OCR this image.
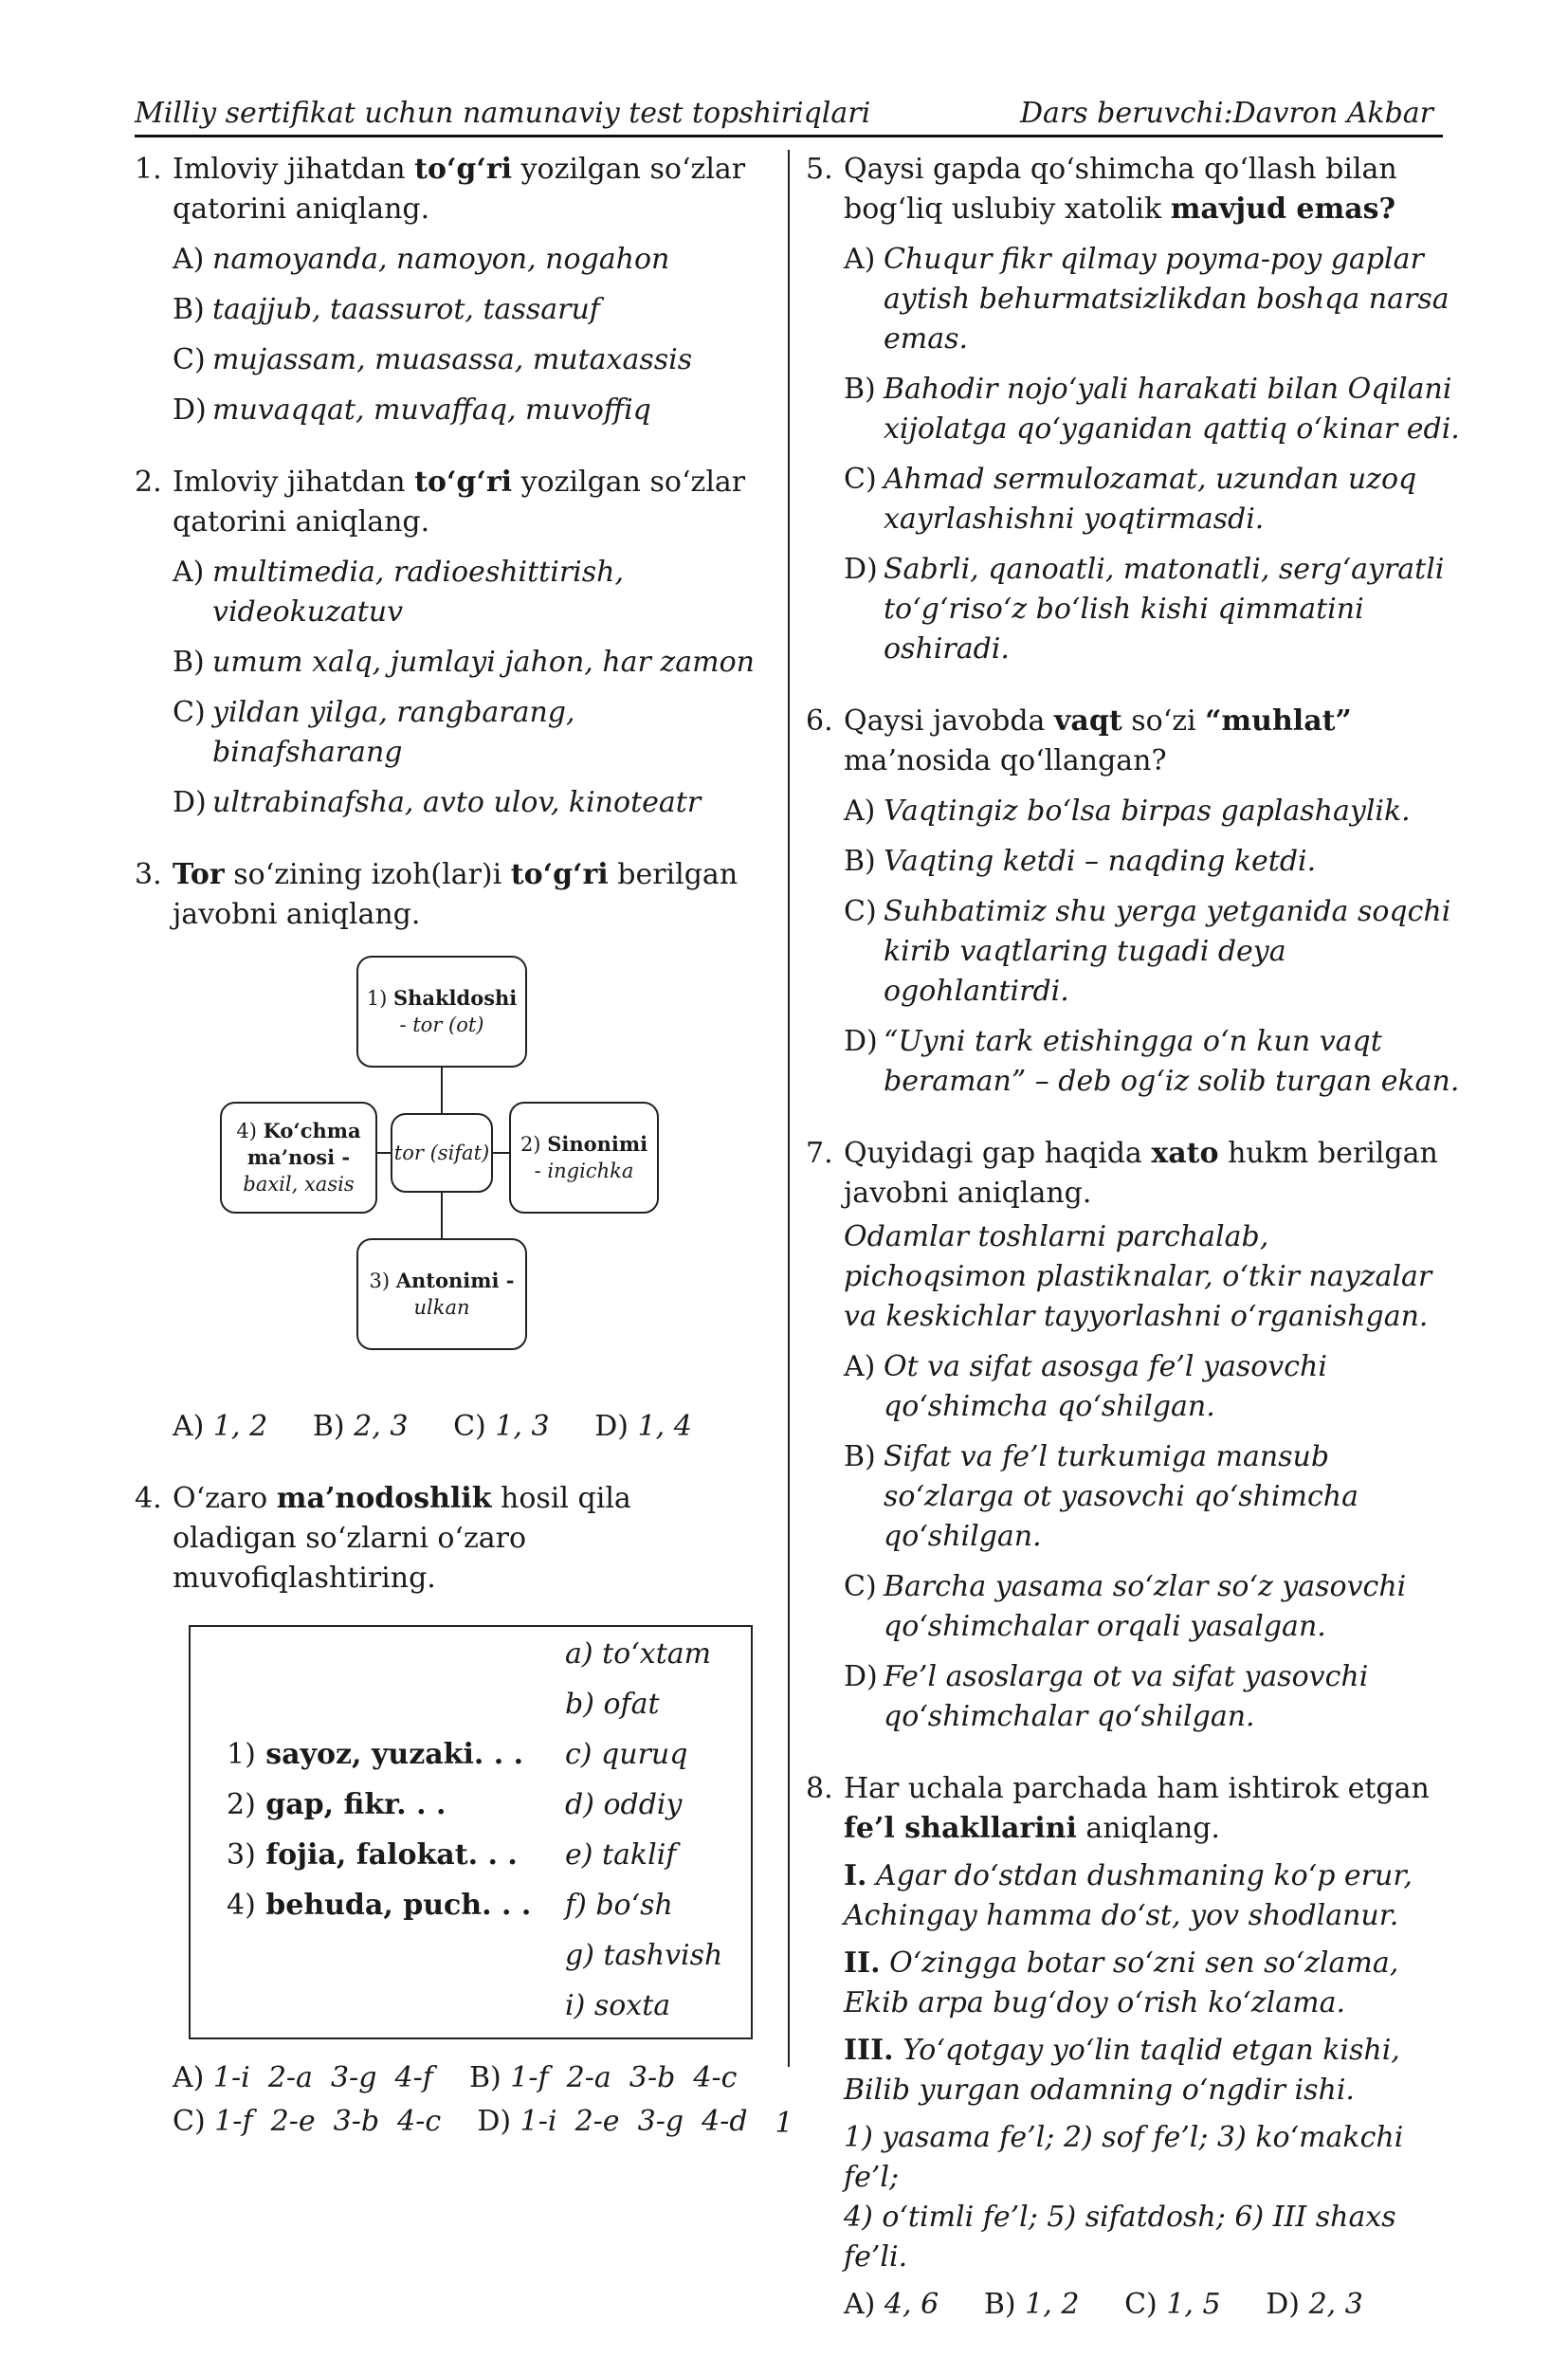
Milliy sertifikat uchun namunaviy test topshiriqlari	Dars beruvchi:Davron Akbar
1. Imloviy jihatdan to‘g‘ri yozilgan so‘zlar qatorini aniqlang.
A) namoyanda, namoyon, nogahon
B) taajjub, taassurot, tassaruf
C) mujassam, muasassa, mutaxassis
D) muvaqqat, muvaffaq, muvoffiq
2. Imloviy jihatdan to‘g‘ri yozilgan so‘zlar qatorini aniqlang.
A) multimedia, radioeshittirish, videokuzatuv
B) umum xalq, jumlayi jahon, har zamon
C) yildan yilga, rangbarang, binafsharang
D) ultrabinafsha, avto ulov, kinoteatr
3. Tor so‘zining izoh(lar)i to‘g‘ri berilgan javobni aniqlang.
1) Shakldoshi
- tor (ot)
tor (sifat) 2) Sinonimi
- ingichka
4) Ko‘chma
ma’nosi -
baxil, xasis
3) Antonimi -
ulkan
A) 1, 2 B) 2, 3 C) 1, 3 D) 1, 4
4. O‘zaro ma’nodoshlik hosil qila oladigan so‘zlarni o‘zaro muvofiqlashtiring.
a) to‘xtam
b) ofat
c) quruq
d) oddiy
e) taklif
f) bo‘sh
g) tashvish
i) soxta
1) sayoz, yuzaki. . .
2) gap, fikr. . .
3) fojia, falokat. . .
4) behuda, puch. . .
A) 1-i  2-a  3-g  4-f B) 1-f  2-a  3-b  4-c
C) 1-f  2-e  3-b  4-c D) 1-i  2-e  3-g  4-d
5. Qaysi gapda qo‘shimcha qo‘llash bilan bog‘liq uslubiy xatolik mavjud emas?
A) Chuqur fikr qilmay poyma-poy gaplar aytish behurmatsizlikdan boshqa narsa emas.
B) Bahodir nojo‘yali harakati bilan Oqilani xijolatga qo‘yganidan qattiq o‘kinar edi.
C) Ahmad sermulozamat, uzundan uzoq xayrlashishni yoqtirmasdi.
D) Sabrli, qanoatli, matonatli, serg‘ayratli to‘g‘riso‘z bo‘lish kishi qimmatini oshiradi.
6. Qaysi javobda vaqt so‘zi “muhlat” ma’nosida qo‘llangan?
A) Vaqtingiz bo‘lsa birpas gaplashaylik.
B) Vaqting ketdi – naqding ketdi.
C) Suhbatimiz shu yerga yetganida soqchi kirib vaqtlaring tugadi deya ogohlantirdi.
D) “Uyni tark etishingga o‘n kun vaqt beraman” – deb og‘iz solib turgan ekan.
7. Quyidagi gap haqida xato hukm berilgan javobni aniqlang.
Odamlar toshlarni parchalab, pichoqsimon plastiknalar, o‘tkir nayzalar va keskichlar tayyorlashni o‘rganishgan.
A) Ot va sifat asosga fe’l yasovchi qo‘shimcha qo‘shilgan.
B) Sifat va fe’l turkumiga mansub so‘zlarga ot yasovchi qo‘shimcha qo‘shilgan.
C) Barcha yasama so‘zlar so‘z yasovchi qo‘shimchalar orqali yasalgan.
D) Fe’l asoslarga ot va sifat yasovchi qo‘shimchalar qo‘shilgan.
8. Har uchala parchada ham ishtirok etgan fe’l shakllarini aniqlang.
I. Agar do‘stdan dushmaning ko‘p erur,
Achingay hamma do‘st, yov shodlanur.
II. O‘zingga botar so‘zni sen so‘zlama,
Ekib arpa bug‘doy o‘rish ko‘zlama.
III. Yo‘qotgay yo‘lin taqlid etgan kishi,
Bilib yurgan odamning o‘ngdir ishi.
1) yasama fe’l; 2) sof fe’l; 3) ko‘makchi fe’l;
4) o‘timli fe’l; 5) sifatdosh; 6) III shaxs fe’li.
A) 4, 6 B) 1, 2 C) 1, 5 D) 2, 3
1
